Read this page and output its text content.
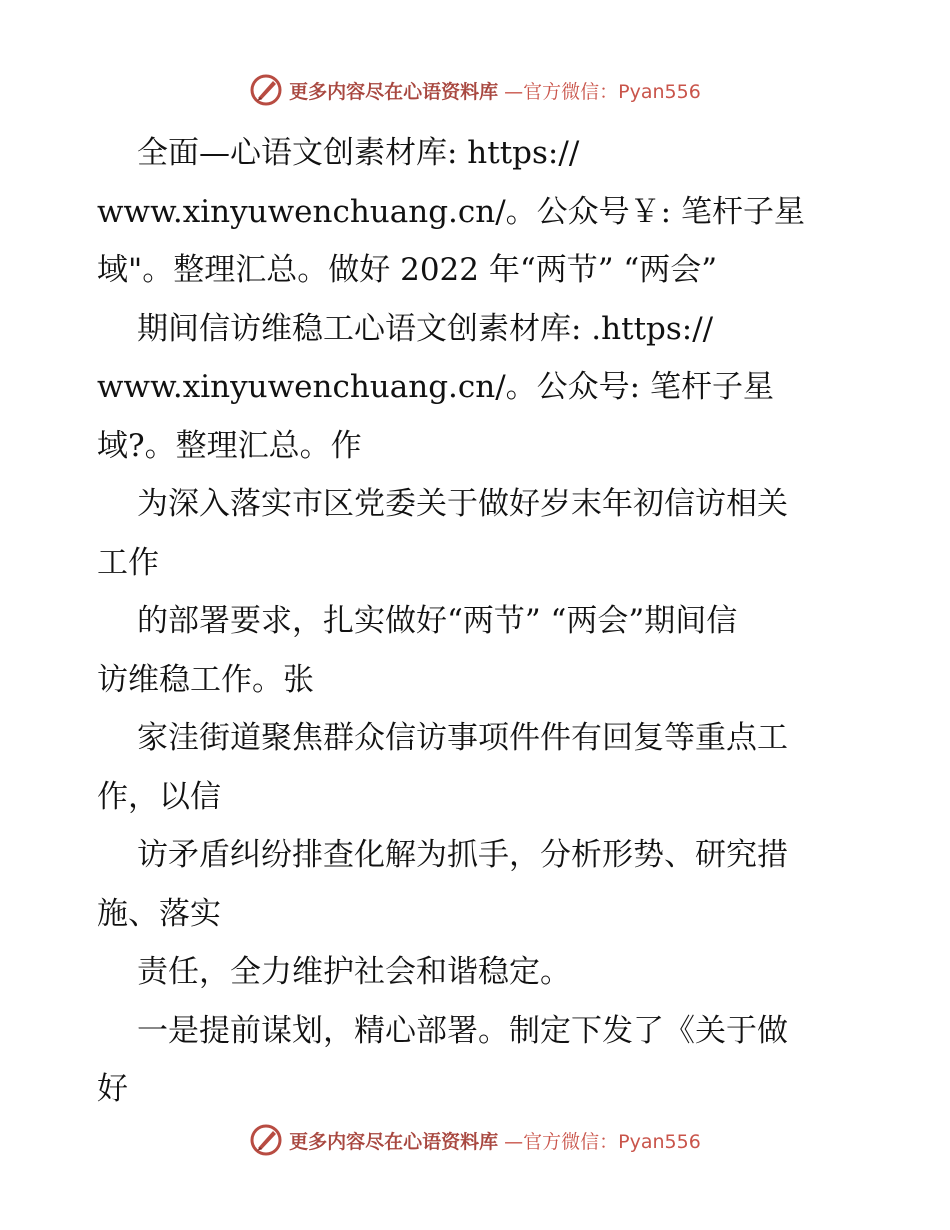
更多内容尽在心语资料库 —官方微信：Pyan556
全面—心语文创素材库: https://
www.xinyuwenchuang.cn/。公众号￥: 笔杆子星
域"。整理汇总。做好 2022 年“两节” “两会”
期间信访维稳工心语文创素材库: .https://
www.xinyuwenchuang.cn/。公众号: 笔杆子星
域?。整理汇总。作
为深入落实市区党委关于做好岁末年初信访相关
工作
的部署要求，扎实做好“两节” “两会”期间信
访维稳工作。张
家洼街道聚焦群众信访事项件件有回复等重点工
作，以信
访矛盾纠纷排查化解为抓手，分析形势、研究措
施、落实
责任，全力维护社会和谐稳定。
一是提前谋划，精心部署。制定下发了《关于做
好
更多内容尽在心语资料库 —官方微信：Pyan556
